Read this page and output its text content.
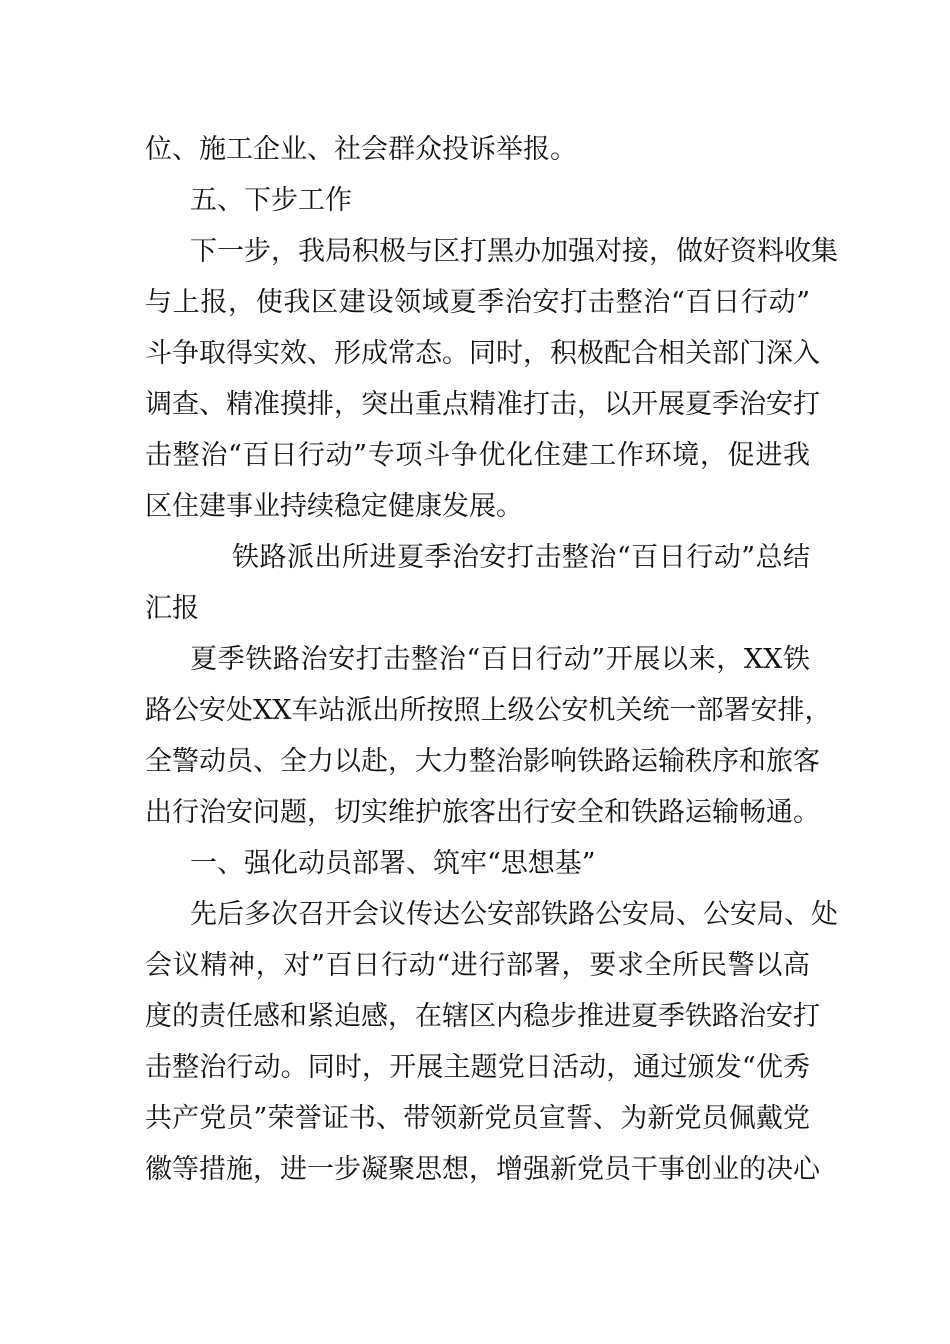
位、施工企业、社会群众投诉举报。
五、下步工作
下一步，我局积极与区打黑办加强对接，做好资料收集
与上报，使我区建设领域夏季治安打击整治“百日行动”
斗争取得实效、形成常态。同时，积极配合相关部门深入
调查、精准摸排，突出重点精准打击，以开展夏季治安打
击整治“百日行动”专项斗争优化住建工作环境，促进我
区住建事业持续稳定健康发展。
铁路派出所进夏季治安打击整治“百日行动”总结
汇报
夏季铁路治安打击整治“百日行动”开展以来，XX铁
路公安处XX车站派出所按照上级公安机关统一部署安排，
全警动员、全力以赴，大力整治影响铁路运输秩序和旅客
出行治安问题，切实维护旅客出行安全和铁路运输畅通。
一、强化动员部署、筑牢“思想基”
先后多次召开会议传达公安部铁路公安局、公安局、处
会议精神，对”百日行动“进行部署，要求全所民警以高
度的责任感和紧迫感，在辖区内稳步推进夏季铁路治安打
击整治行动。同时，开展主题党日活动，通过颁发“优秀
共产党员”荣誉证书、带领新党员宣誓、为新党员佩戴党
徽等措施，进一步凝聚思想，增强新党员干事创业的决心
